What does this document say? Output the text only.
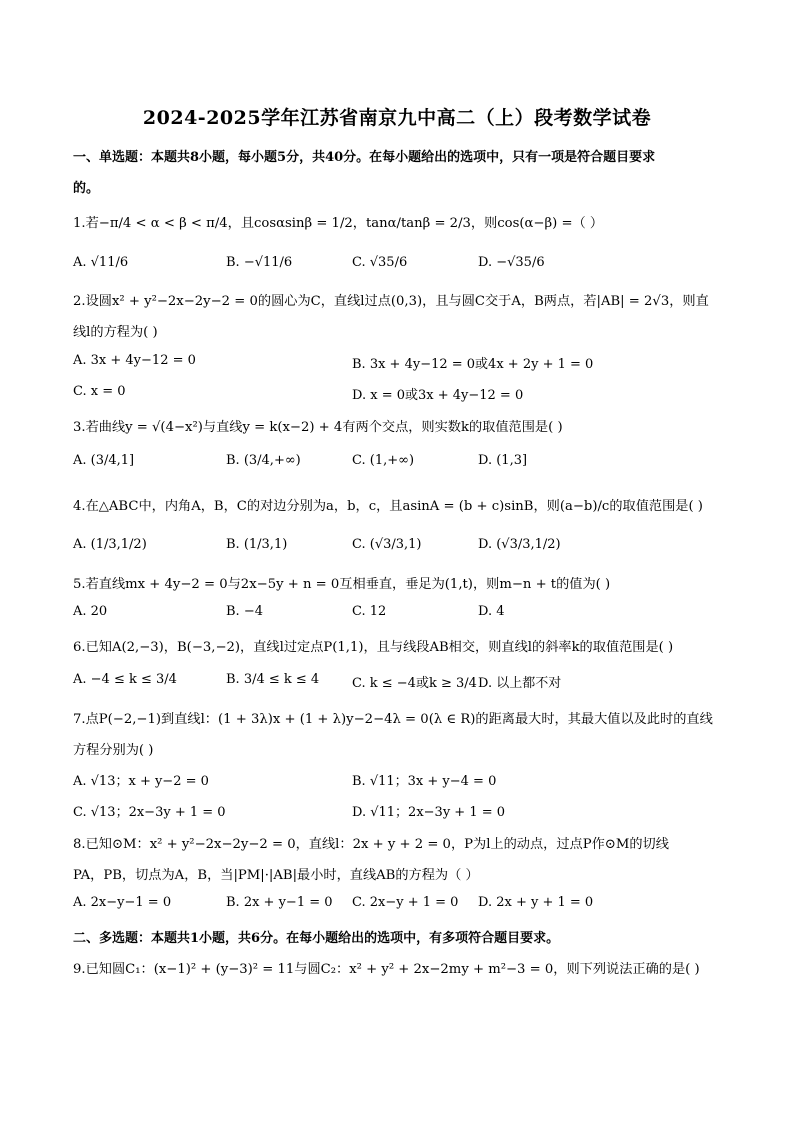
2024-2025学年江苏省南京九中高二（上）段考数学试卷
一、单选题：本题共8小题，每小题5分，共40分。在每小题给出的选项中，只有一项是符合题目要求
的。
1.若−π/4 < α < β < π/4，且cosαsinβ = 1/2，tanα/tanβ = 2/3，则cos(α−β) =（ ）
A. √11/6	B. −√11/6	C. √35/6	D. −√35/6
2.设圆x² + y²−2x−2y−2 = 0的圆心为C，直线l过点(0,3)，且与圆C交于A，B两点，若|AB| = 2√3，则直
线l的方程为( )
A. 3x + 4y−12 = 0	B. 3x + 4y−12 = 0或4x + 2y + 1 = 0
C. x = 0	D. x = 0或3x + 4y−12 = 0
3.若曲线y = √(4−x²)与直线y = k(x−2) + 4有两个交点，则实数k的取值范围是( )
A. (3/4,1]	B. (3/4,+∞)	C. (1,+∞)	D. (1,3]
4.在△ABC中，内角A，B，C的对边分别为a，b，c，且asinA = (b + c)sinB，则(a−b)/c的取值范围是( )
A. (1/3,1/2)	B. (1/3,1)	C. (√3/3,1)	D. (√3/3,1/2)
5.若直线mx + 4y−2 = 0与2x−5y + n = 0互相垂直，垂足为(1,t)，则m−n + t的值为( )
A. 20	B. −4	C. 12	D. 4
6.已知A(2,−3)，B(−3,−2)，直线l过定点P(1,1)，且与线段AB相交，则直线l的斜率k的取值范围是( )
A. −4 ≤ k ≤ 3/4	B. 3/4 ≤ k ≤ 4	C. k ≤ −4或k ≥ 3/4 D. 以上都不对
7.点P(−2,−1)到直线l：(1 + 3λ)x + (1 + λ)y−2−4λ = 0(λ ∈ R)的距离最大时，其最大值以及此时的直线
方程分别为( )
A. √13；x + y−2 = 0	B. √11；3x + y−4 = 0
C. √13；2x−3y + 1 = 0	D. √11；2x−3y + 1 = 0
8.已知⊙M：x² + y²−2x−2y−2 = 0，直线l：2x + y + 2 = 0，P为l上的动点，过点P作⊙M的切线
PA，PB，切点为A，B，当|PM|·|AB|最小时，直线AB的方程为（ ）
A. 2x−y−1 = 0	B. 2x + y−1 = 0 C. 2x−y + 1 = 0 D. 2x + y + 1 = 0
二、多选题：本题共1小题，共6分。在每小题给出的选项中，有多项符合题目要求。
9.已知圆C₁：(x−1)² + (y−3)² = 11与圆C₂：x² + y² + 2x−2my + m²−3 = 0，则下列说法正确的是( )
